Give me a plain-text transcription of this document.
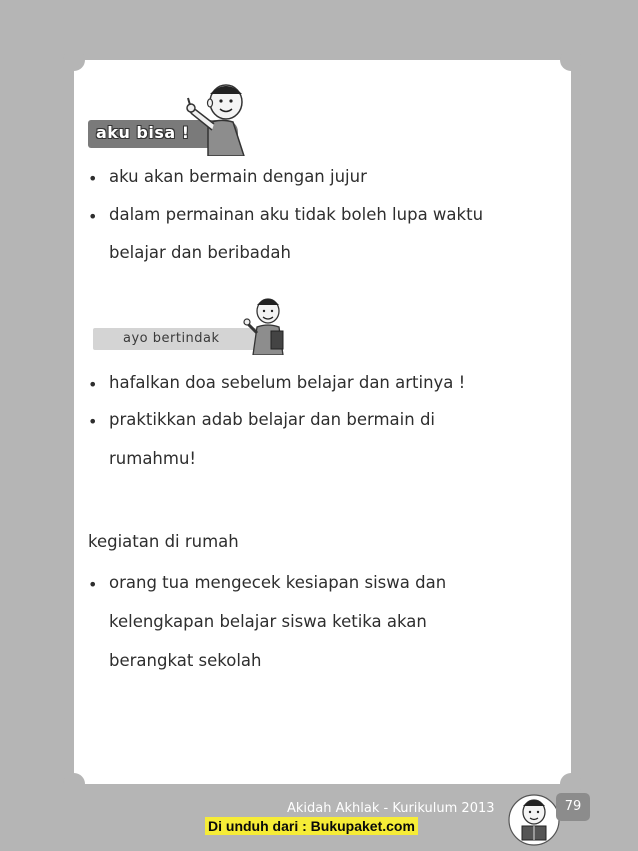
aku bisa !
• aku akan bermain dengan jujur
• dalam permainan aku tidak boleh lupa waktu
belajar dan beribadah
ayo bertindak
• hafalkan doa sebelum belajar dan artinya !
• praktikkan adab belajar dan bermain di
rumahmu!
kegiatan di rumah
• orang tua mengecek kesiapan siswa dan
kelengkapan belajar siswa ketika akan
berangkat sekolah
Akidah Akhlak - Kurikulum 2013	79
Di unduh dari : Bukupaket.com
